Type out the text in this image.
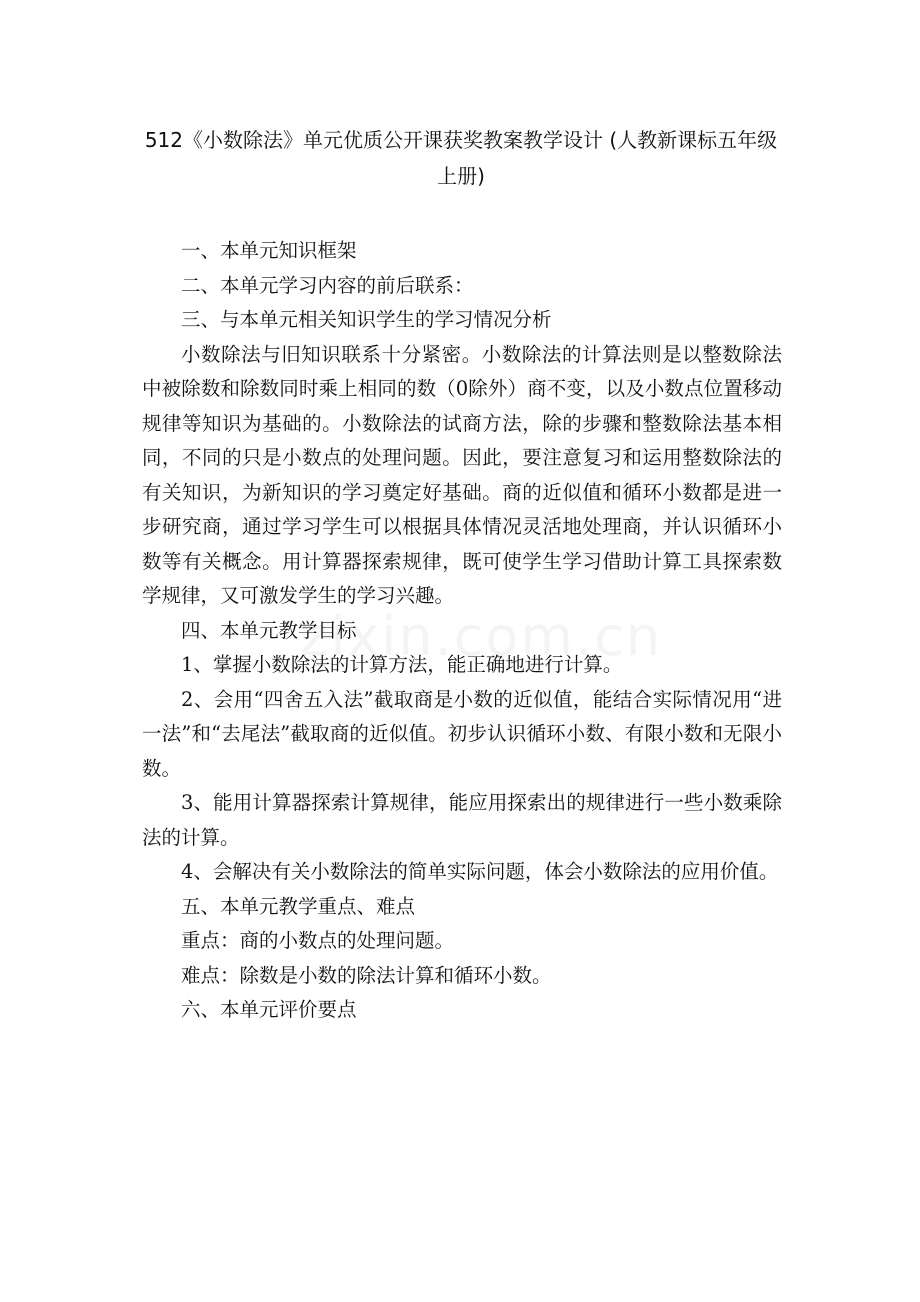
512《小数除法》单元优质公开课获奖教案教学设计 (人教新课标五年级上册)

一、本单元知识框架

二、本单元学习内容的前后联系：

三、与本单元相关知识学生的学习情况分析

小数除法与旧知识联系十分紧密。小数除法的计算法则是以整数除法中被除数和除数同时乘上相同的数（0除外）商不变，以及小数点位置移动规律等知识为基础的。小数除法的试商方法，除的步骤和整数除法基本相同，不同的只是小数点的处理问题。因此，要注意复习和运用整数除法的有关知识，为新知识的学习奠定好基础。商的近似值和循环小数都是进一步研究商，通过学习学生可以根据具体情况灵活地处理商，并认识循环小数等有关概念。用计算器探索规律，既可使学生学习借助计算工具探索数学规律，又可激发学生的学习兴趣。

四、本单元教学目标

1、掌握小数除法的计算方法，能正确地进行计算。

2、会用“四舍五入法”截取商是小数的近似值，能结合实际情况用“进一法”和“去尾法”截取商的近似值。初步认识循环小数、有限小数和无限小数。

3、能用计算器探索计算规律，能应用探索出的规律进行一些小数乘除法的计算。

4、会解决有关小数除法的简单实际问题，体会小数除法的应用价值。

五、本单元教学重点、难点

重点：商的小数点的处理问题。

难点：除数是小数的除法计算和循环小数。

六、本单元评价要点
